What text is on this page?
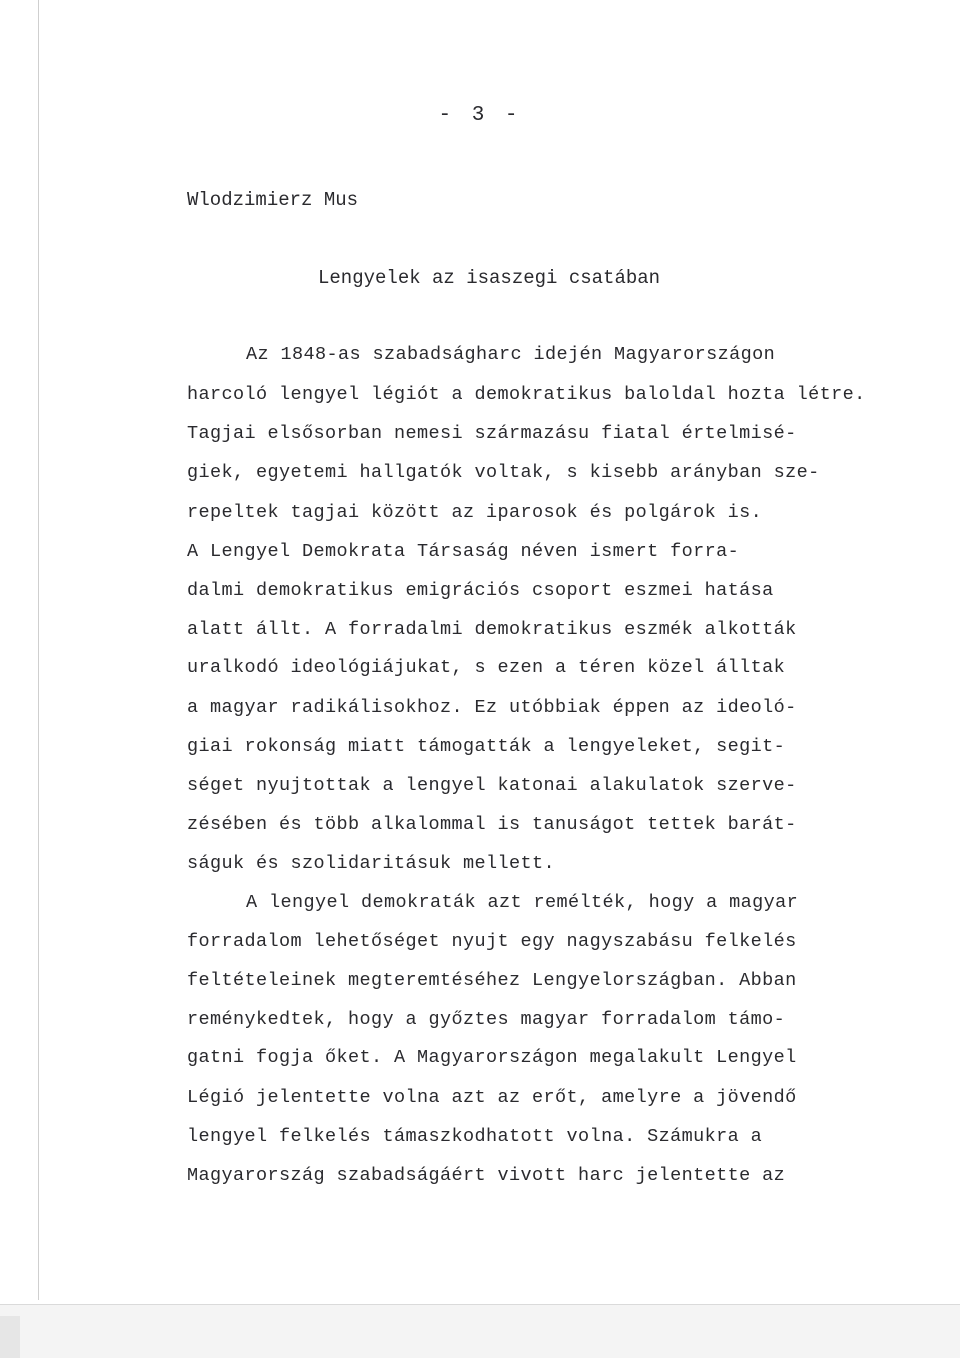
- 3 -
Wlodzimierz Mus
Lengyelek az isaszegi csatában
Az 1848-as szabadságharc idején Magyarországon
harcoló lengyel légiót a demokratikus baloldal hozta létre.
Tagjai elsősorban nemesi származásu fiatal értelmisé-
giek, egyetemi hallgatók voltak, s kisebb arányban sze-
repeltek tagjai között az iparosok és polgárok is.
A Lengyel Demokrata Társaság néven ismert forra-
dalmi demokratikus emigrációs csoport eszmei hatása
alatt állt. A forradalmi demokratikus eszmék alkották
uralkodó ideológiájukat, s ezen a téren közel álltak
a magyar radikálisokhoz. Ez utóbbiak éppen az ideoló-
giai rokonság miatt támogatták a lengyeleket, segit-
séget nyujtottak a lengyel katonai alakulatok szerve-
zésében és több alkalommal is tanuságot tettek barát-
ságuk és szolidaritásuk mellett.
A lengyel demokraták azt remélték, hogy a magyar
forradalom lehetőséget nyujt egy nagyszabásu felkelés
feltételeinek megteremtéséhez Lengyelországban. Abban
reménykedtek, hogy a győztes magyar forradalom támo-
gatni fogja őket. A Magyarországon megalakult Lengyel
Légió jelentette volna azt az erőt, amelyre a jövendő
lengyel felkelés támaszkodhatott volna. Számukra a
Magyarország szabadságáért vivott harc jelentette az
